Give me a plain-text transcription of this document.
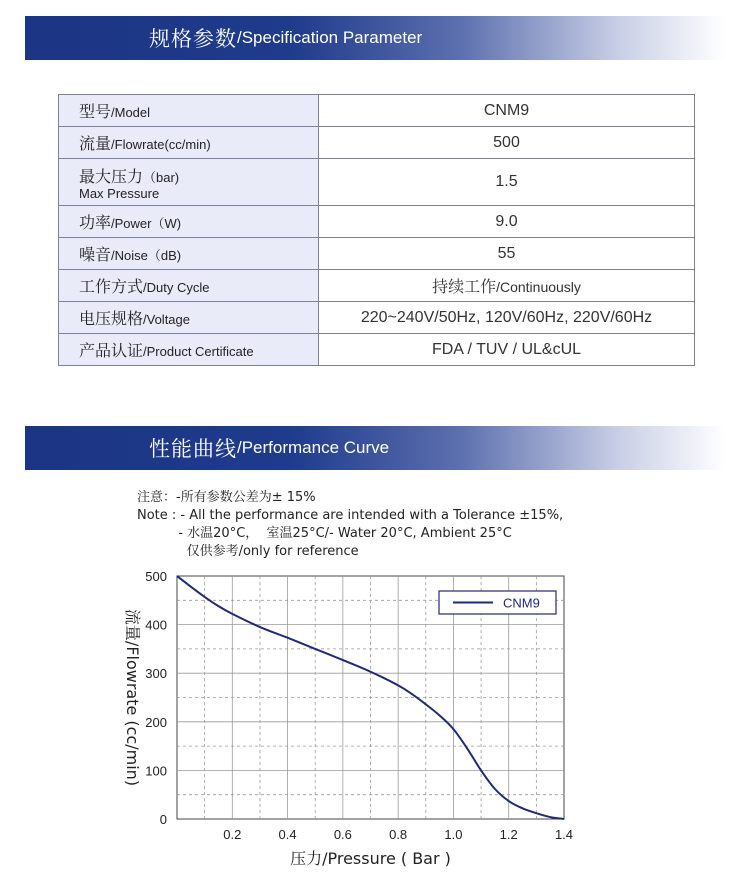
规格参数 /Specification Parameter
型号/Model	CNM9
流量/Flowrate(cc/min)	500
最大压力（bar)
Max Pressure	1.5
功率/Power（W)	9.0
噪音/Noise（dB)	55
工作方式/Duty Cycle	持续工作/Continuously
电压规格/Voltage	220~240V/50Hz, 120V/60Hz, 220V/60Hz
产品认证/Product Certificate	FDA / TUV / UL&cUL
性能曲线 /Performance Curve
注意：-所有参数公差为± 15%
Note : - All the performance are intended with a Tolerance ±15%,
- 水温20°C，  室温25°C/- Water 20°C, Ambient 25°C
仅供参考/only for reference
0.2	0.4	0.6	0.8	1.0	1.2	1.4
0
100
200
300
400
500
CNM9
压力/Pressure ( Bar )
流量/Flowrate (cc/min)
